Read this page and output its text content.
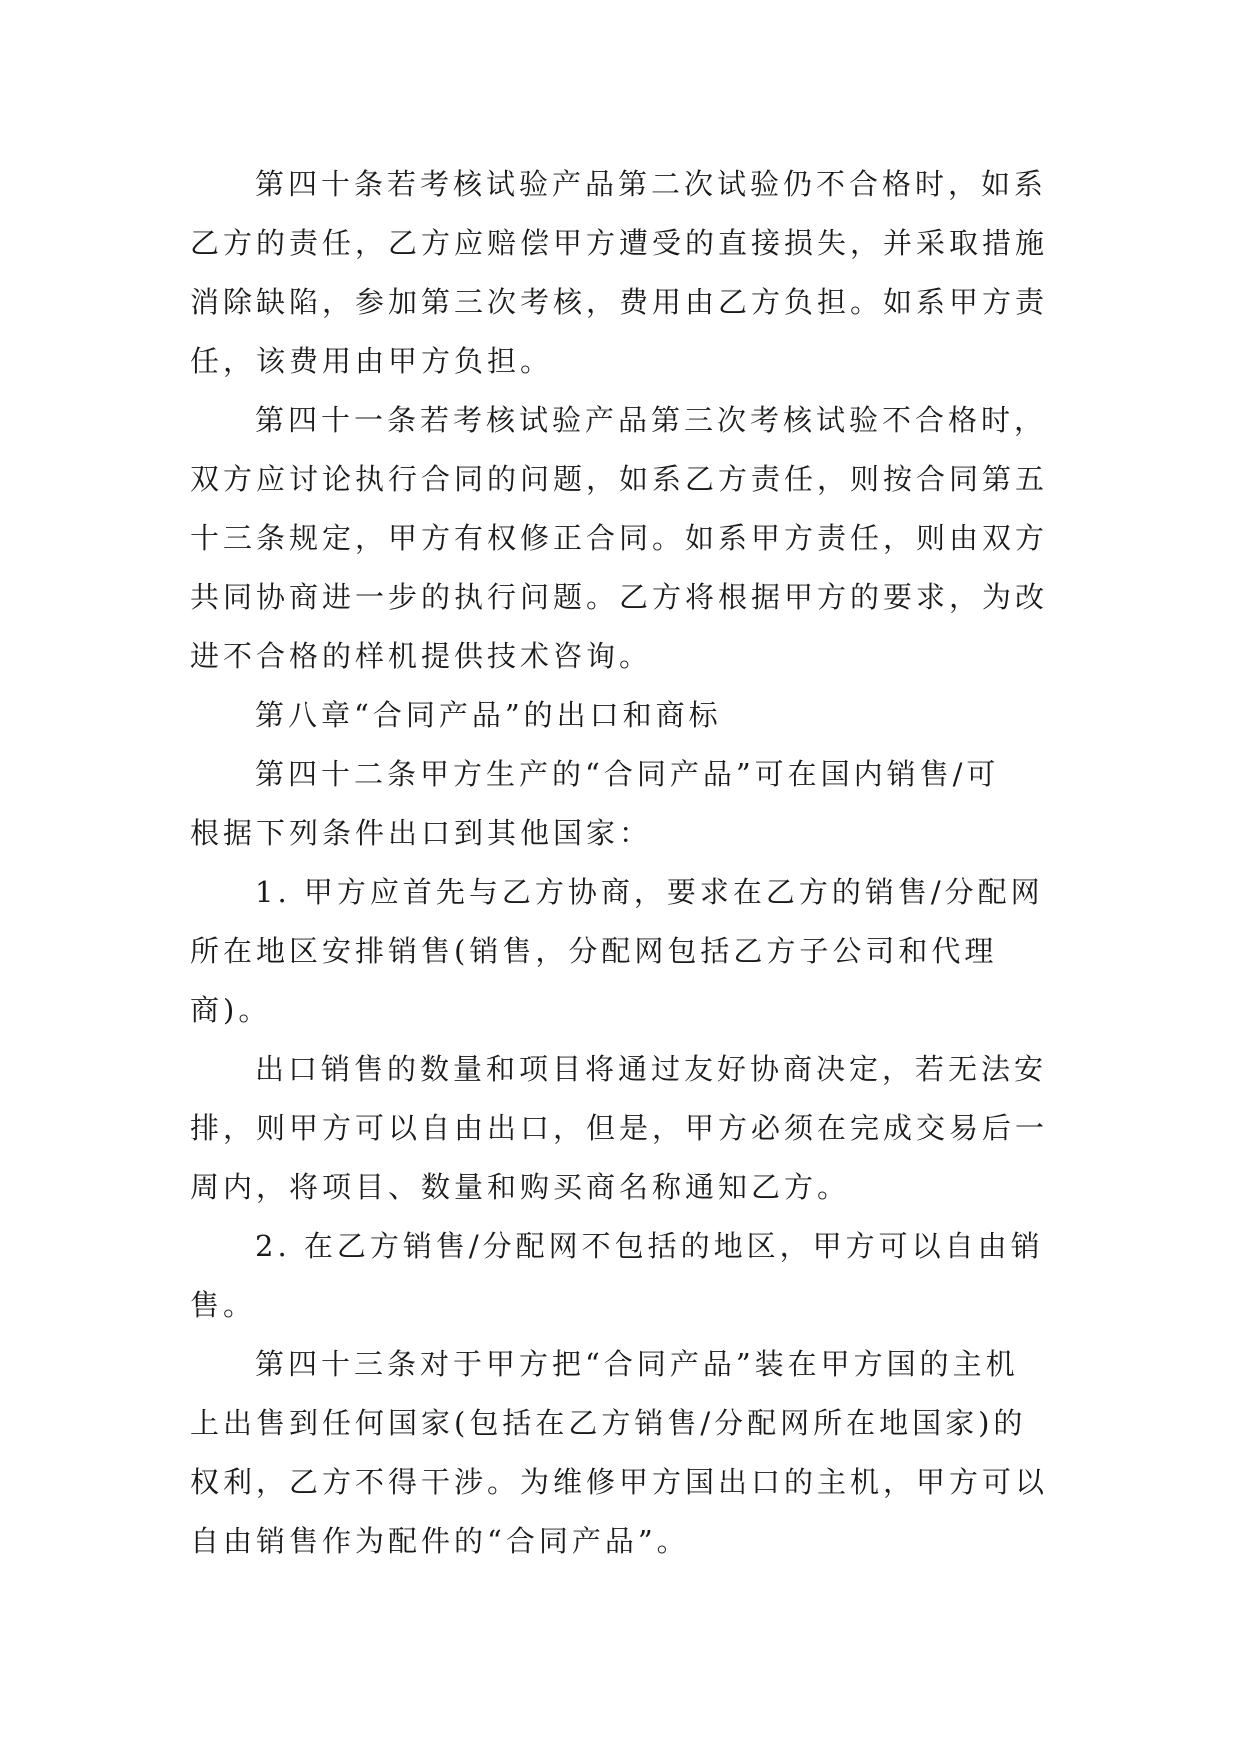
第四十条若考核试验产品第二次试验仍不合格时，如系
乙方的责任，乙方应赔偿甲方遭受的直接损失，并采取措施
消除缺陷，参加第三次考核，费用由乙方负担。如系甲方责
任，该费用由甲方负担。
第四十一条若考核试验产品第三次考核试验不合格时，
双方应讨论执行合同的问题，如系乙方责任，则按合同第五
十三条规定，甲方有权修正合同。如系甲方责任，则由双方
共同协商进一步的执行问题。乙方将根据甲方的要求，为改
进不合格的样机提供技术咨询。
第八章“合同产品”的出口和商标
第四十二条甲方生产的“合同产品”可在国内销售/可
根据下列条件出口到其他国家：
1. 甲方应首先与乙方协商，要求在乙方的销售/分配网
所在地区安排销售(销售，分配网包括乙方子公司和代理
商)。
出口销售的数量和项目将通过友好协商决定，若无法安
排，则甲方可以自由出口，但是，甲方必须在完成交易后一
周内，将项目、数量和购买商名称通知乙方。
2. 在乙方销售/分配网不包括的地区，甲方可以自由销
售。
第四十三条对于甲方把“合同产品”装在甲方国的主机
上出售到任何国家(包括在乙方销售/分配网所在地国家)的
权利，乙方不得干涉。为维修甲方国出口的主机，甲方可以
自由销售作为配件的“合同产品”。
